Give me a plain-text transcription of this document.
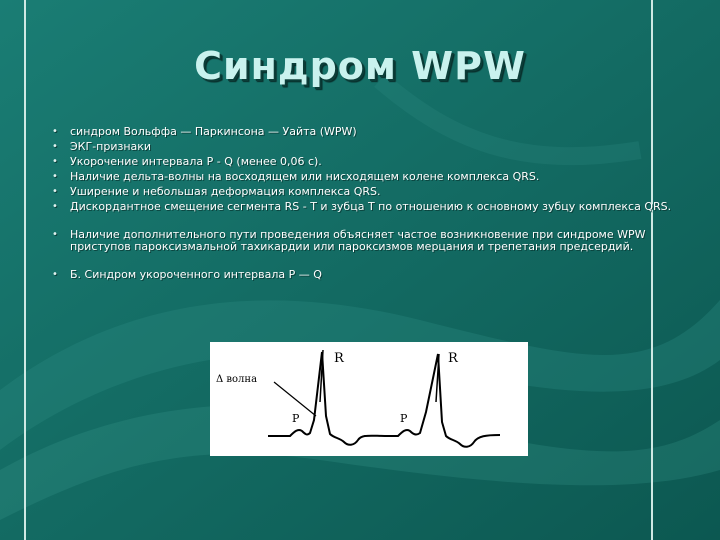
Синдром WPW
• синдром Вольффа — Паркинсона — Уайта (WPW)
• ЭКГ-признаки
• Укорочение интервала P - Q (менее 0,06 с).
• Наличие дельта-волны на восходящем или нисходящем колене комплекса QRS.
• Уширение и небольшая деформация комплекса QRS.
• Дискордантное смещение сегмента RS - T и зубца T по отношению к основному зубцу комплекса QRS.
• Наличие дополнительного пути проведения объясняет частое возникновение при синдроме WPW приступов пароксизмальной тахикардии или пароксизмов мерцания и трепетания предсердий.
• Б. Синдром укороченного интервала P — Q
Δ волна
R	R
P	P
